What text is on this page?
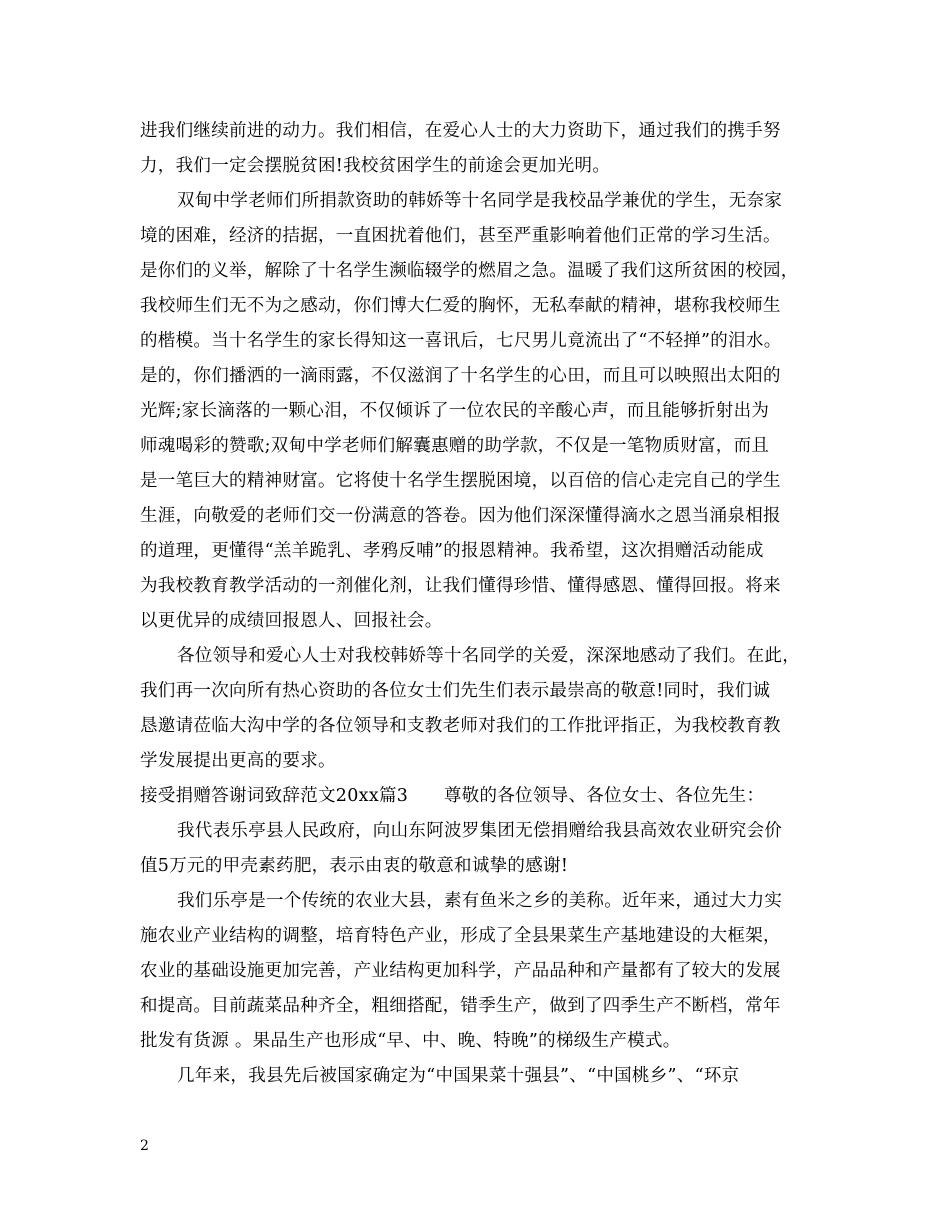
进我们继续前进的动力。我们相信，在爱心人士的大力资助下，通过我们的携手努
力，我们一定会摆脱贫困!我校贫困学生的前途会更加光明。
双甸中学老师们所捐款资助的韩娇等十名同学是我校品学兼优的学生，无奈家
境的困难，经济的拮据，一直困扰着他们，甚至严重影响着他们正常的学习生活。
是你们的义举，解除了十名学生濒临辍学的燃眉之急。温暖了我们这所贫困的校园，
我校师生们无不为之感动，你们博大仁爱的胸怀，无私奉献的精神，堪称我校师生
的楷模。当十名学生的家长得知这一喜讯后，七尺男儿竟流出了“不轻掸”的泪水。
是的，你们播洒的一滴雨露，不仅滋润了十名学生的心田，而且可以映照出太阳的
光辉;家长滴落的一颗心泪，不仅倾诉了一位农民的辛酸心声，而且能够折射出为
师魂喝彩的赞歌;双甸中学老师们解囊惠赠的助学款，不仅是一笔物质财富，而且
是一笔巨大的精神财富。它将使十名学生摆脱困境，以百倍的信心走完自己的学生
生涯，向敬爱的老师们交一份满意的答卷。因为他们深深懂得滴水之恩当涌泉相报
的道理，更懂得“羔羊跪乳、孝鸦反哺”的报恩精神。我希望，这次捐赠活动能成
为我校教育教学活动的一剂催化剂，让我们懂得珍惜、懂得感恩、懂得回报。将来
以更优异的成绩回报恩人、回报社会。
各位领导和爱心人士对我校韩娇等十名同学的关爱，深深地感动了我们。在此，
我们再一次向所有热心资助的各位女士们先生们表示最崇高的敬意!同时，我们诚
恳邀请莅临大沟中学的各位领导和支教老师对我们的工作批评指正，为我校教育教
学发展提出更高的要求。
接受捐赠答谢词致辞范文20xx篇3　　尊敬的各位领导、各位女士、各位先生：
我代表乐亭县人民政府，向山东阿波罗集团无偿捐赠给我县高效农业研究会价
值5万元的甲壳素药肥，表示由衷的敬意和诚挚的感谢!
我们乐亭是一个传统的农业大县，素有鱼米之乡的美称。近年来，通过大力实
施农业产业结构的调整，培育特色产业，形成了全县果菜生产基地建设的大框架，
农业的基础设施更加完善，产业结构更加科学，产品品种和产量都有了较大的发展
和提高。目前蔬菜品种齐全，粗细搭配，错季生产，做到了四季生产不断档，常年
批发有货源 。果品生产也形成“早、中、晚、特晚”的梯级生产模式。
几年来，我县先后被国家确定为“中国果菜十强县”、“中国桃乡”、“环京
2
